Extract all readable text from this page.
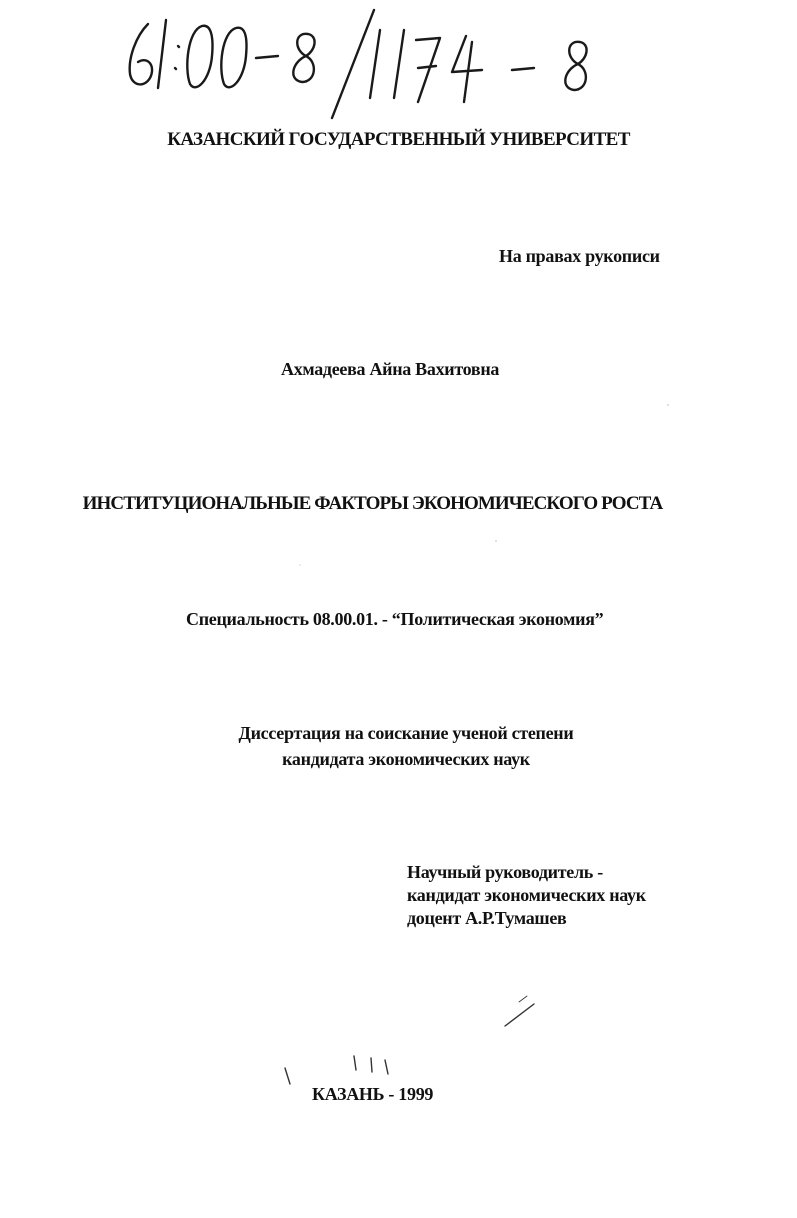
КАЗАНСКИЙ ГОСУДАРСТВЕННЫЙ УНИВЕРСИТЕТ
На правах рукописи
Ахмадеева Айна Вахитовна
ИНСТИТУЦИОНАЛЬНЫЕ ФАКТОРЫ ЭКОНОМИЧЕСКОГО РОСТА
Специальность 08.00.01. - “Политическая экономия”
Диссертация на соискание ученой степени
кандидата экономических наук
Научный руководитель -
кандидат экономических наук
доцент А.Р.Тумашев
КАЗАНЬ - 1999
